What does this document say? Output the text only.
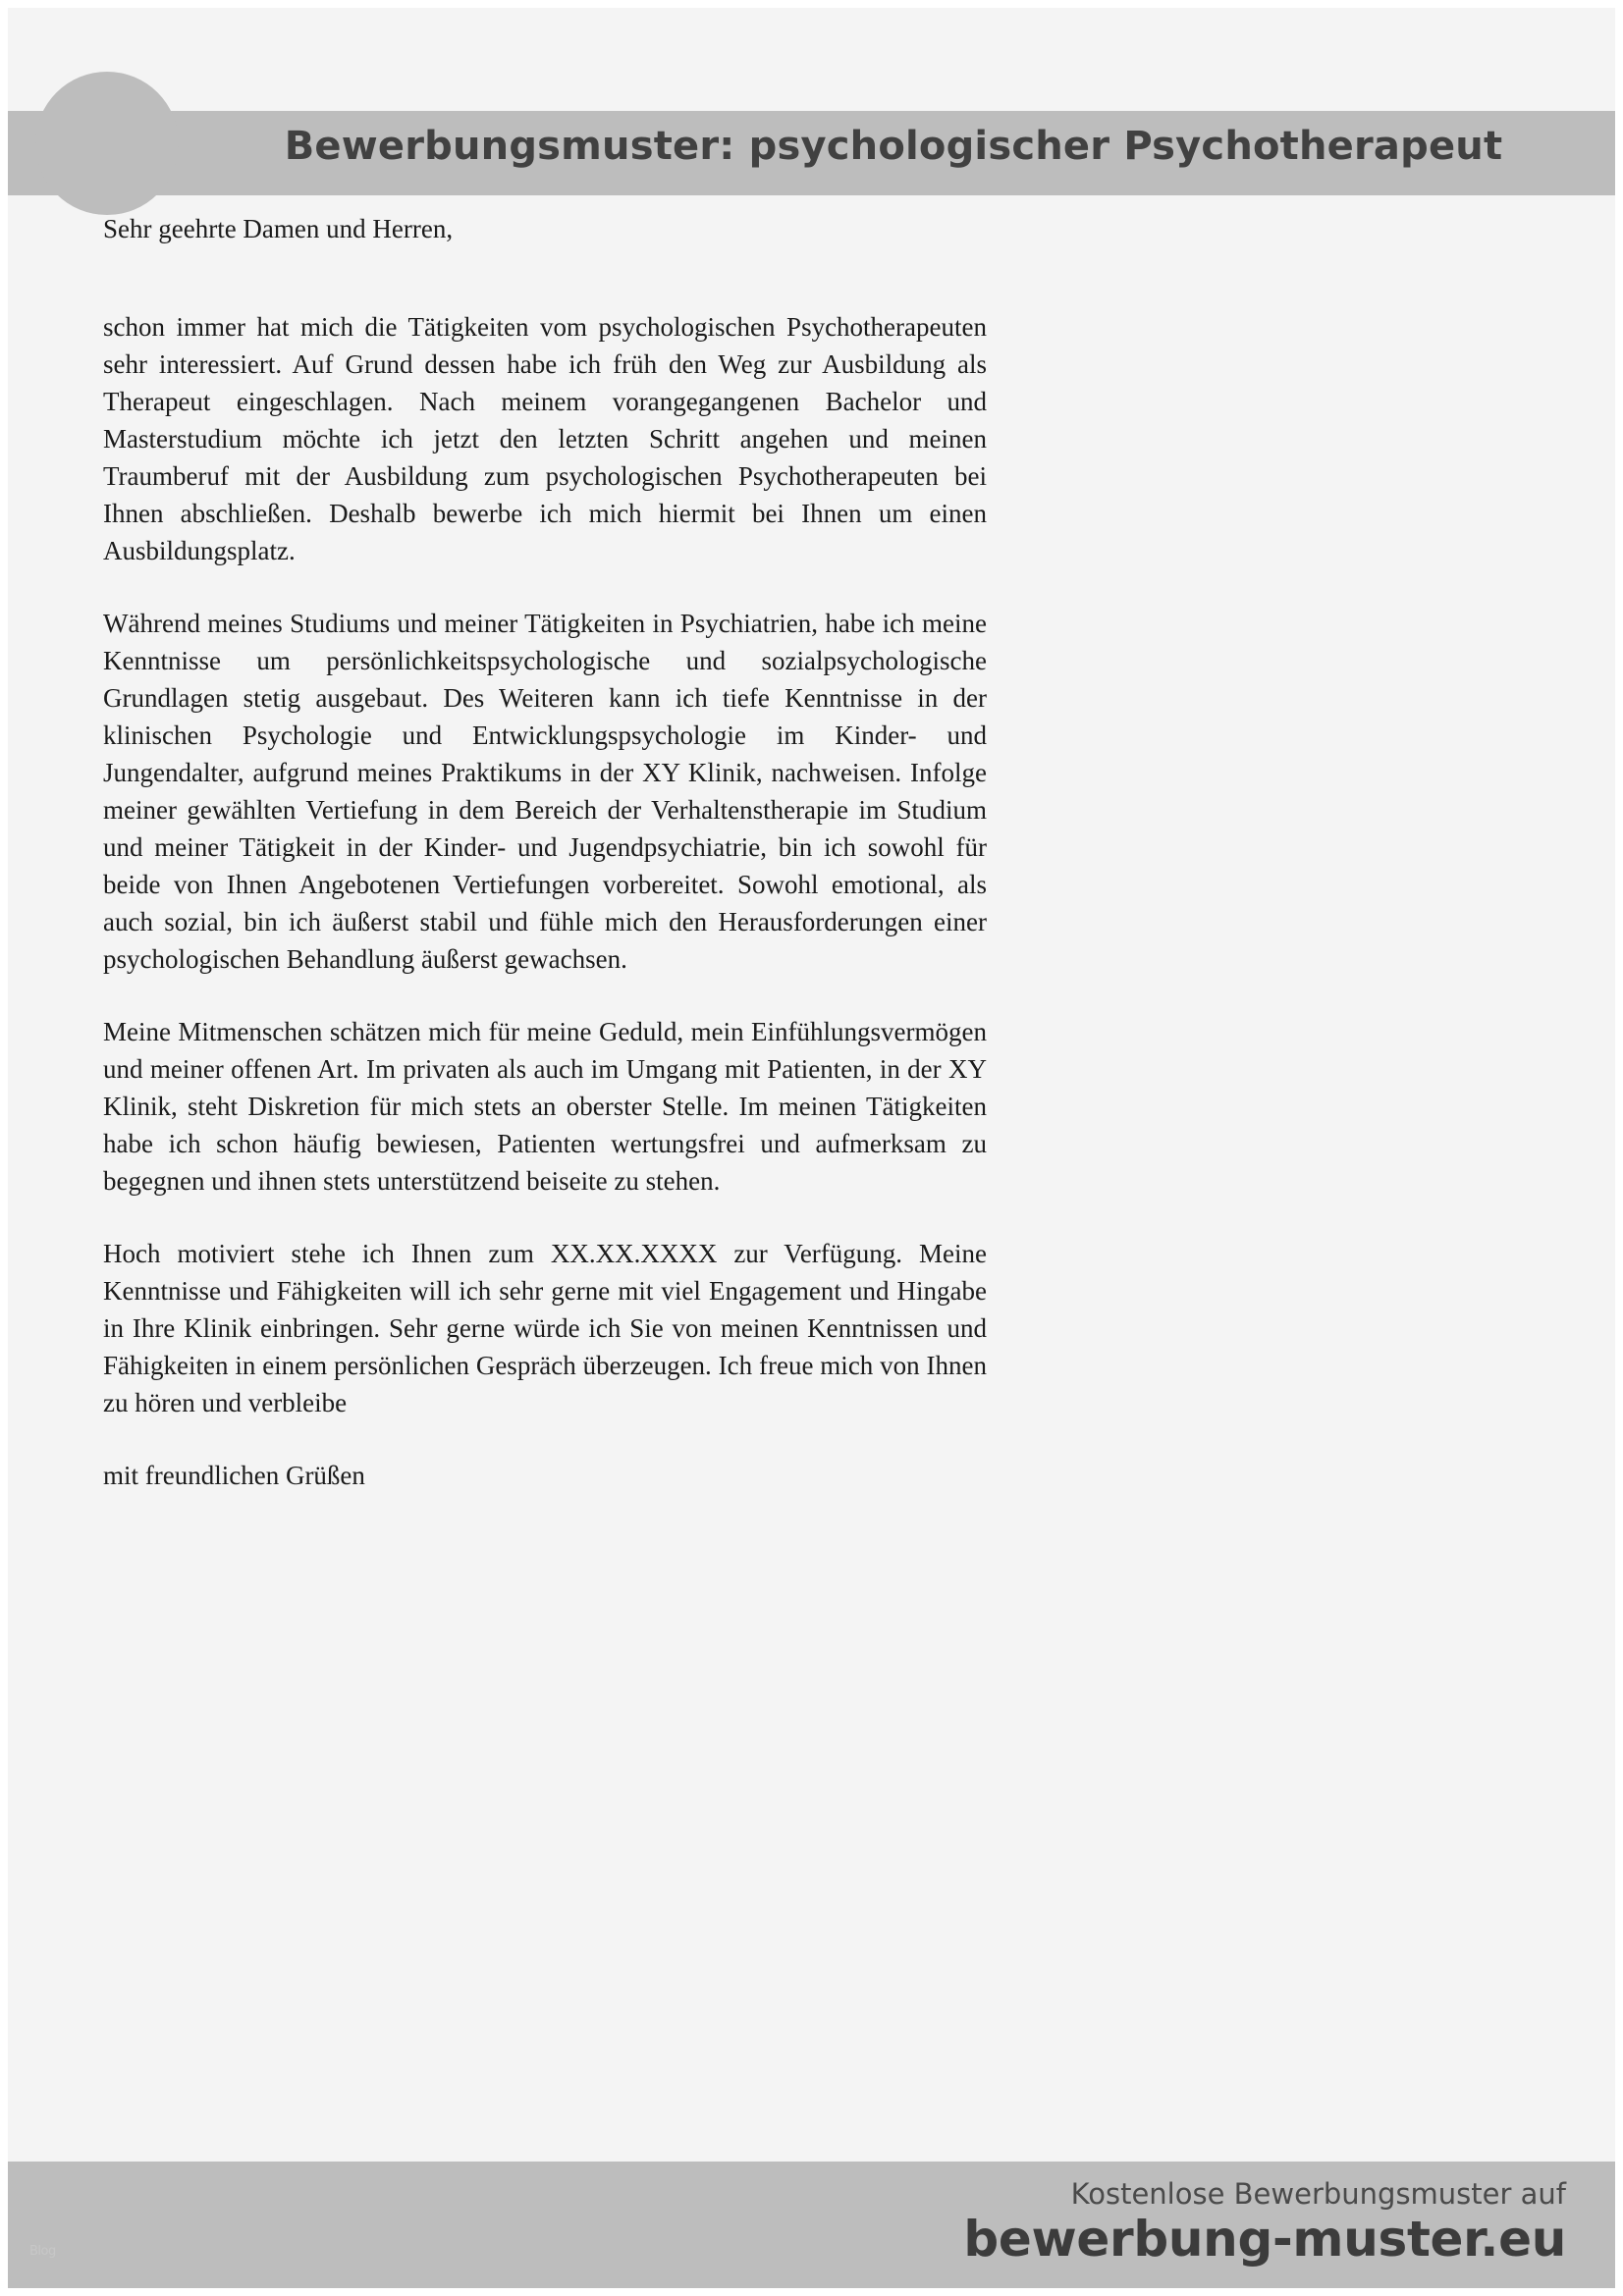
Bewerbungsmuster: psychologischer Psychotherapeut

Sehr geehrte Damen und Herren,

schon immer hat mich die Tätigkeiten vom psychologischen Psychotherapeuten sehr interessiert. Auf Grund dessen habe ich früh den Weg zur Ausbildung als Therapeut eingeschlagen. Nach meinem vorangegangenen Bachelor und Masterstudium möchte ich jetzt den letzten Schritt angehen und meinen Traumberuf mit der Ausbildung zum psychologischen Psychotherapeuten bei Ihnen abschließen. Deshalb bewerbe ich mich hiermit bei Ihnen um einen Ausbildungsplatz.

Während meines Studiums und meiner Tätigkeiten in Psychiatrien, habe ich meine Kenntnisse um persönlichkeitspsychologische und sozialpsychologische Grundlagen stetig ausgebaut. Des Weiteren kann ich tiefe Kenntnisse in der klinischen Psychologie und Entwicklungspsychologie im Kinder- und Jungendalter, aufgrund meines Praktikums in der XY Klinik, nachweisen. Infolge meiner gewählten Vertiefung in dem Bereich der Verhaltenstherapie im Studium und meiner Tätigkeit in der Kinder- und Jugendpsychiatrie, bin ich sowohl für beide von Ihnen Angebotenen Vertiefungen vorbereitet. Sowohl emotional, als auch sozial, bin ich äußerst stabil und fühle mich den Herausforderungen einer psychologischen Behandlung äußerst gewachsen.

Meine Mitmenschen schätzen mich für meine Geduld, mein Einfühlungsvermögen und meiner offenen Art. Im privaten als auch im Umgang mit Patienten, in der XY Klinik, steht Diskretion für mich stets an oberster Stelle. Im meinen Tätigkeiten habe ich schon häufig bewiesen, Patienten wertungsfrei und aufmerksam zu begegnen und ihnen stets unterstützend beiseite zu stehen.

Hoch motiviert stehe ich Ihnen zum XX.XX.XXXX zur Verfügung. Meine Kenntnisse und Fähigkeiten will ich sehr gerne mit viel Engagement und Hingabe in Ihre Klinik einbringen. Sehr gerne würde ich Sie von meinen Kenntnissen und Fähigkeiten in einem persönlichen Gespräch überzeugen. Ich freue mich von Ihnen zu hören und verbleibe

mit freundlichen Grüßen

Kostenlose Bewerbungsmuster auf
bewerbung-muster.eu
Blog
